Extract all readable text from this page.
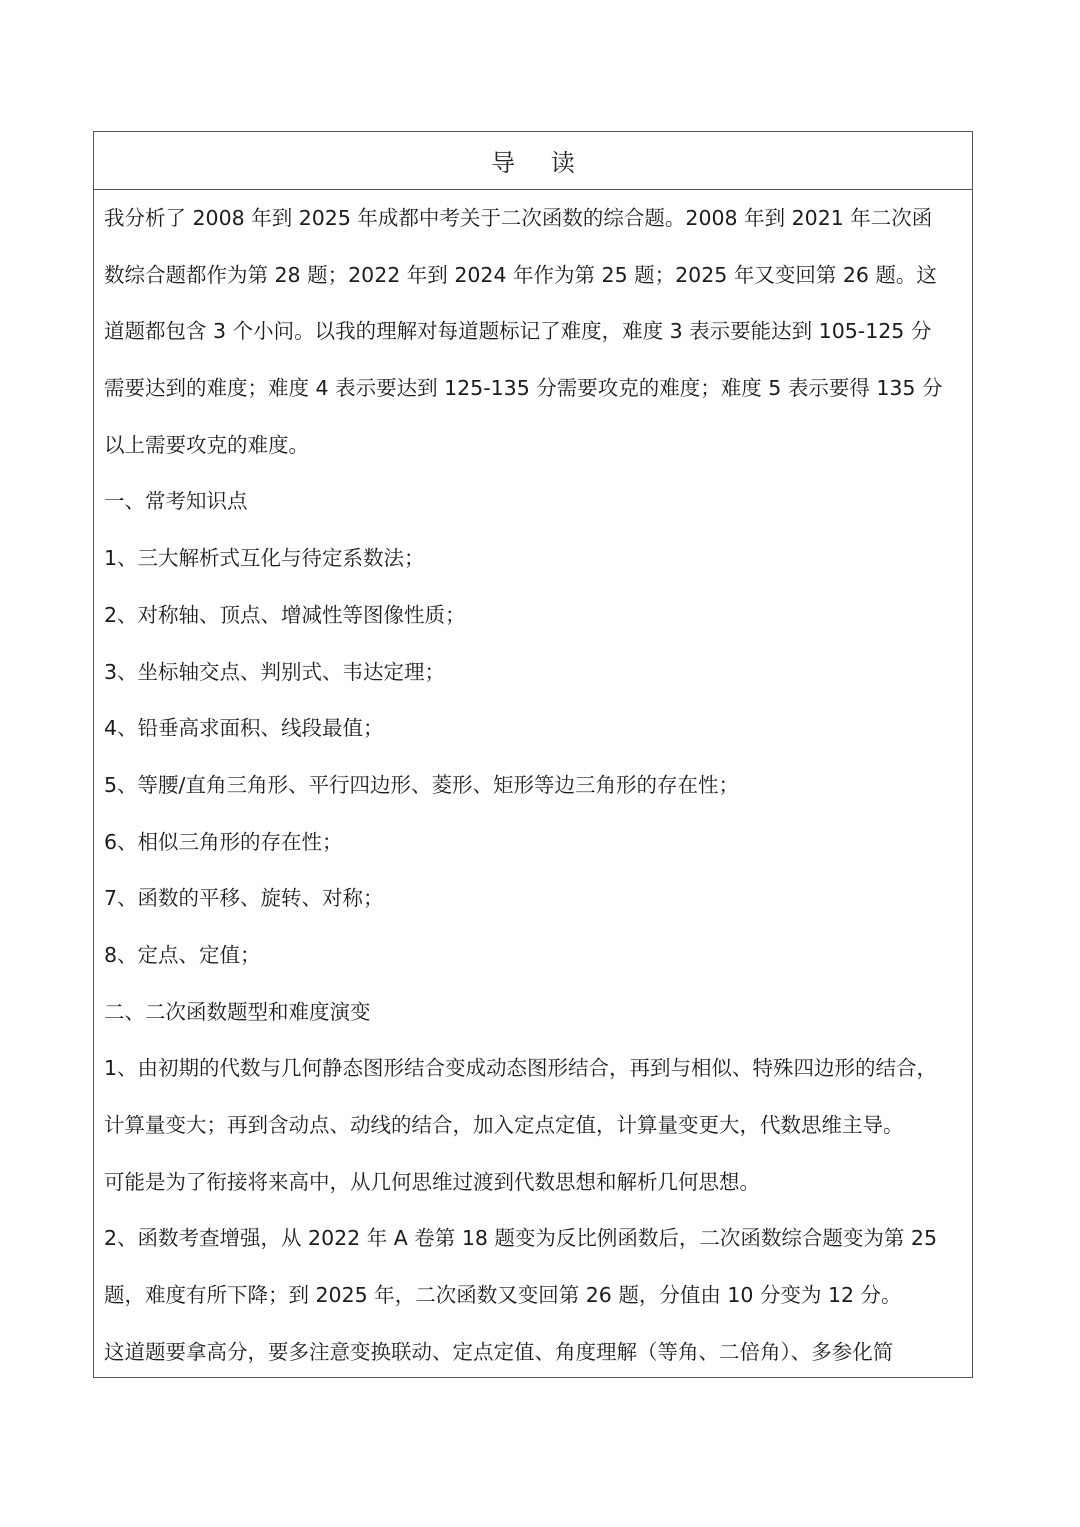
导 读
我分析了 2008 年到 2025 年成都中考关于二次函数的综合题。2008 年到 2021 年二次函
数综合题都作为第 28 题；2022 年到 2024 年作为第 25 题；2025 年又变回第 26 题。这
道题都包含 3 个小问。以我的理解对每道题标记了难度，难度 3 表示要能达到 105-125 分
需要达到的难度；难度 4 表示要达到 125-135 分需要攻克的难度；难度 5 表示要得 135 分
以上需要攻克的难度。
一、常考知识点
1、三大解析式互化与待定系数法；
2、对称轴、顶点、增减性等图像性质；
3、坐标轴交点、判别式、韦达定理；
4、铅垂高求面积、线段最值；
5、等腰/直角三角形、平行四边形、菱形、矩形等边三角形的存在性；
6、相似三角形的存在性；
7、函数的平移、旋转、对称；
8、定点、定值；
二、二次函数题型和难度演变
1、由初期的代数与几何静态图形结合变成动态图形结合，再到与相似、特殊四边形的结合，
计算量变大；再到含动点、动线的结合，加入定点定值，计算量变更大，代数思维主导。
可能是为了衔接将来高中，从几何思维过渡到代数思想和解析几何思想。
2、函数考查增强，从 2022 年 A 卷第 18 题变为反比例函数后，二次函数综合题变为第 25
题，难度有所下降；到 2025 年，二次函数又变回第 26 题，分值由 10 分变为 12 分。
这道题要拿高分，要多注意变换联动、定点定值、角度理解（等角、二倍角）、多参化简
